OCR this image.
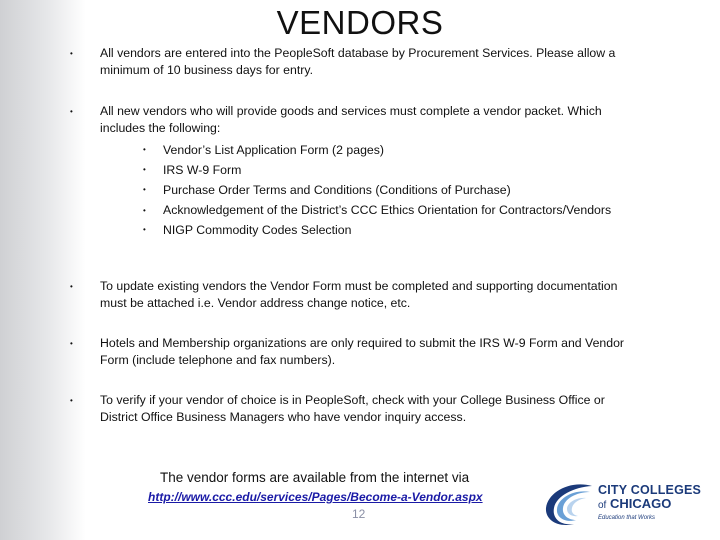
VENDORS
• All vendors are entered into the PeopleSoft database by Procurement Services. Please allow a minimum of 10 business days for entry.
• All new vendors who will provide goods and services must complete a vendor packet. Which includes the following:
• Vendor’s List Application Form (2 pages)
• IRS W-9 Form
• Purchase Order Terms and Conditions (Conditions of Purchase)
• Acknowledgement of the District’s CCC Ethics Orientation for Contractors/Vendors
• NIGP Commodity Codes Selection
• To update existing vendors the Vendor Form must be completed and supporting documentation must be attached i.e. Vendor address change notice, etc.
• Hotels and Membership organizations are only required to submit the IRS W-9 Form and Vendor Form (include telephone and fax numbers).
• To verify if your vendor of choice is in PeopleSoft, check with your College Business Office or District Office Business Managers who have vendor inquiry access.
The vendor forms are available from the internet via
http://www.ccc.edu/services/Pages/Become-a-Vendor.aspx
12
CITY COLLEGES
of CHICAGO
Education that Works
